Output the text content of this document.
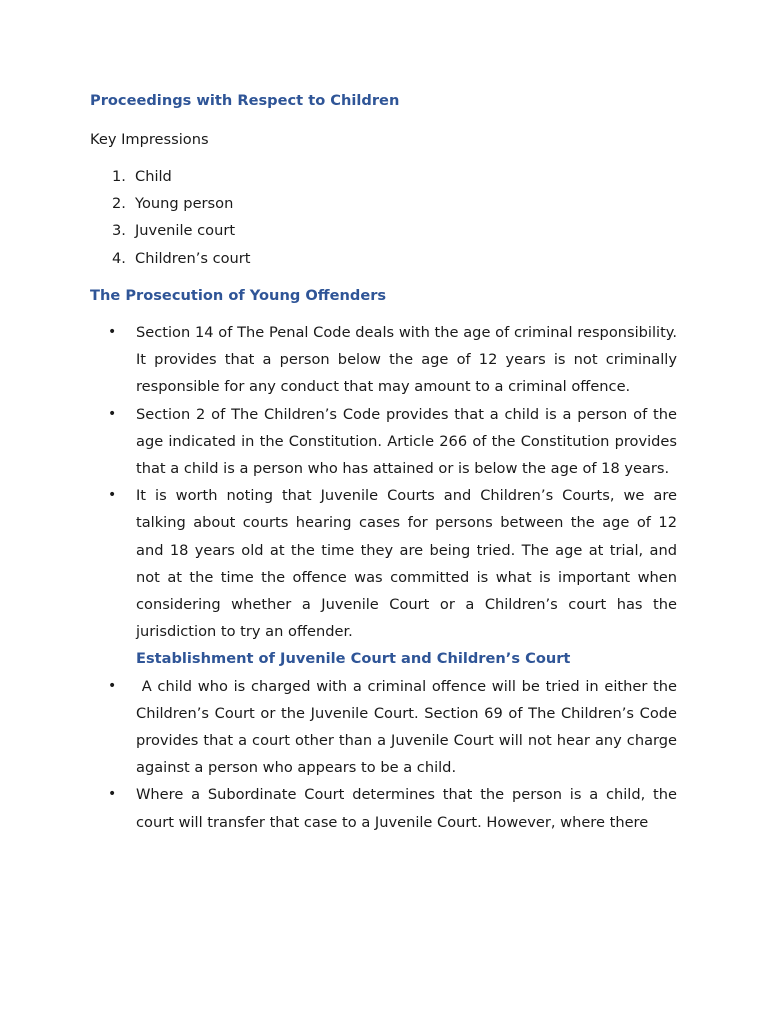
Proceedings with Respect to Children
Key Impressions
1. Child
2. Young person
3. Juvenile court
4. Children’s court
The Prosecution of Young Offenders
• Section 14 of The Penal Code deals with the age of criminal responsibility. It provides that a person below the age of 12 years is not criminally responsible for any conduct that may amount to a criminal offence.
• Section 2 of The Children’s Code provides that a child is a person of the age indicated in the Constitution. Article 266 of the Constitution provides that a child is a person who has attained or is below the age of 18 years.
• It is worth noting that Juvenile Courts and Children’s Courts, we are talking about courts hearing cases for persons between the age of 12 and 18 years old at the time they are being tried. The age at trial, and not at the time the offence was committed is what is important when considering whether a Juvenile Court or a Children’s court has the jurisdiction to try an offender.
Establishment of Juvenile Court and Children’s Court
• A child who is charged with a criminal offence will be tried in either the Children’s Court or the Juvenile Court. Section 69 of The Children’s Code provides that a court other than a Juvenile Court will not hear any charge against a person who appears to be a child.
• Where a Subordinate Court determines that the person is a child, the court will transfer that case to a Juvenile Court. However, where there
